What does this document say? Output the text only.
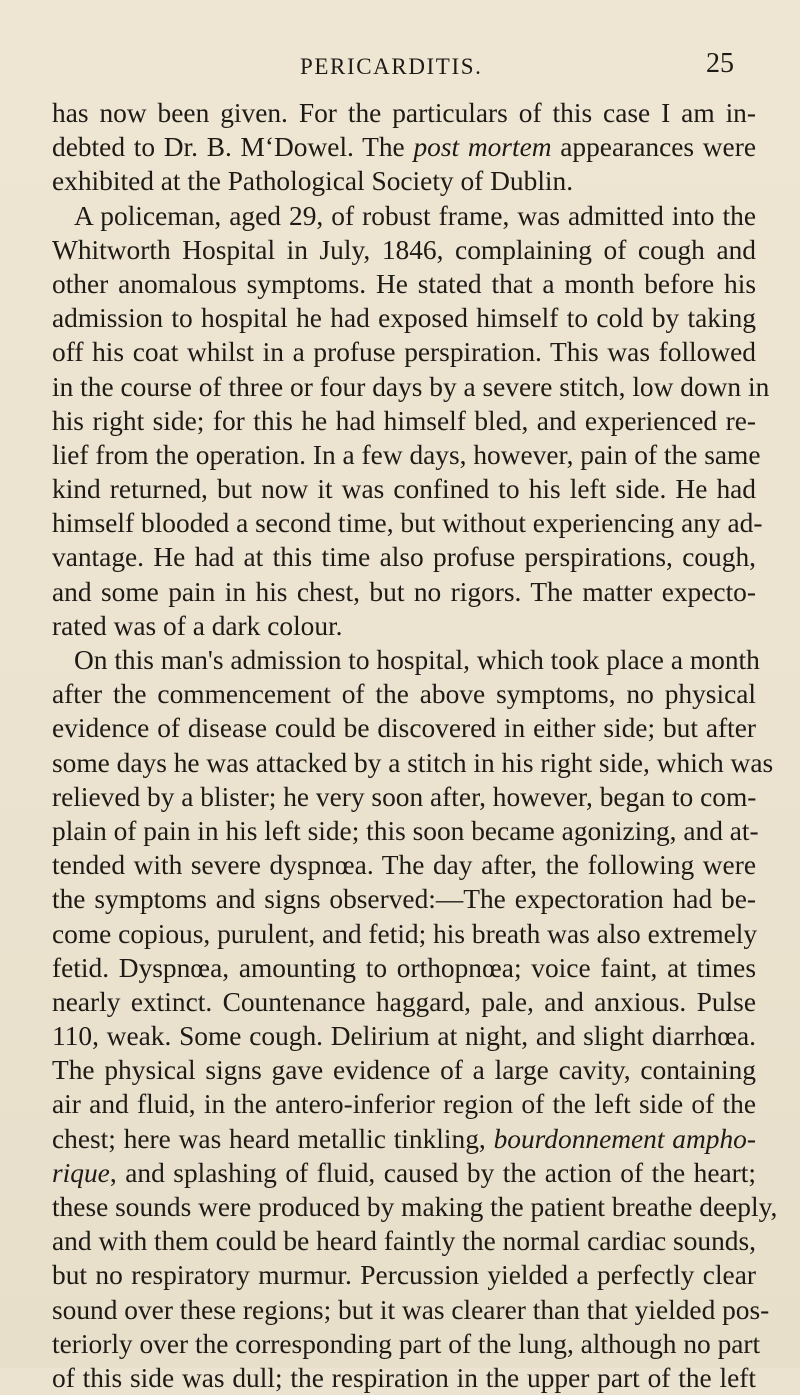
PERICARDITIS.	25
has now been given. For the particulars of this case I am in-
debted to Dr. B. M‘Dowel. The post mortem appearances were
exhibited at the Pathological Society of Dublin.
A policeman, aged 29, of robust frame, was admitted into the
Whitworth Hospital in July, 1846, complaining of cough and
other anomalous symptoms. He stated that a month before his
admission to hospital he had exposed himself to cold by taking
off his coat whilst in a profuse perspiration. This was followed
in the course of three or four days by a severe stitch, low down in
his right side; for this he had himself bled, and experienced re-
lief from the operation. In a few days, however, pain of the same
kind returned, but now it was confined to his left side. He had
himself blooded a second time, but without experiencing any ad-
vantage. He had at this time also profuse perspirations, cough,
and some pain in his chest, but no rigors. The matter expecto-
rated was of a dark colour.
On this man's admission to hospital, which took place a month
after the commencement of the above symptoms, no physical
evidence of disease could be discovered in either side; but after
some days he was attacked by a stitch in his right side, which was
relieved by a blister; he very soon after, however, began to com-
plain of pain in his left side; this soon became agonizing, and at-
tended with severe dyspnœa. The day after, the following were
the symptoms and signs observed:—The expectoration had be-
come copious, purulent, and fetid; his breath was also extremely
fetid. Dyspnœa, amounting to orthopnœa; voice faint, at times
nearly extinct. Countenance haggard, pale, and anxious. Pulse
110, weak. Some cough. Delirium at night, and slight diarrhœa.
The physical signs gave evidence of a large cavity, containing
air and fluid, in the antero-inferior region of the left side of the
chest; here was heard metallic tinkling, bourdonnement ampho-
rique, and splashing of fluid, caused by the action of the heart;
these sounds were produced by making the patient breathe deeply,
and with them could be heard faintly the normal cardiac sounds,
but no respiratory murmur. Percussion yielded a perfectly clear
sound over these regions; but it was clearer than that yielded pos-
teriorly over the corresponding part of the lung, although no part
of this side was dull; the respiration in the upper part of the left
